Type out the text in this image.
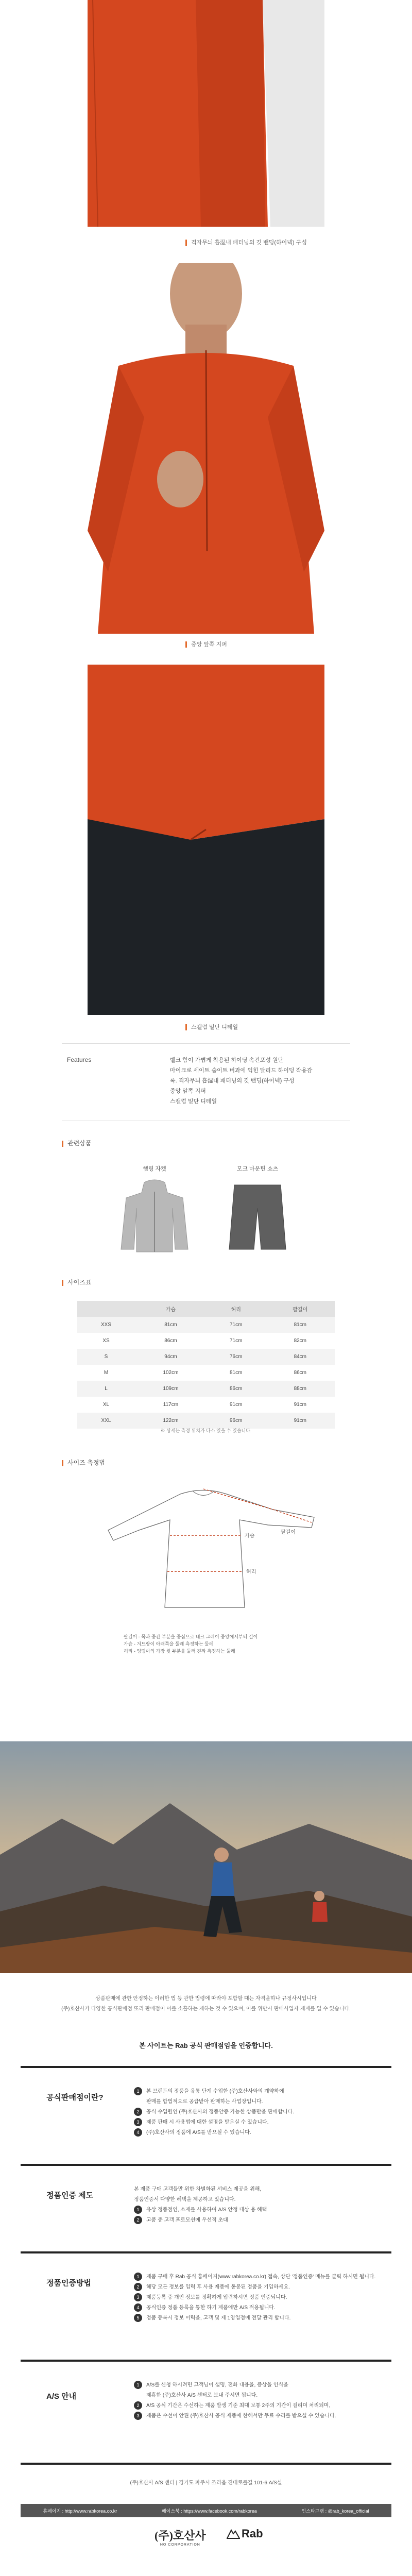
격자무늬 흡湿내 패터닝의 깃 밴딩(하이넥) 구성
중앙 앞쪽 지퍼
스캘럽 밑단 디테일
Features	벨크 함이 가볍게 착용된 하이딩 속건포성 원단
마이크로 세이트 숨이트 버과에 익힌 달리드 하이딩 작용감
록. 격자무늬 흡湿내 패터닝의 깃 밴딩(하이넥) 구성
중앙 앞쪽 지퍼
스캘럽 밑단 디테일
관련상품
햄링 자켓	모크 마운틴 쇼츠
사이즈표
	가슴	허리	팔길이
XXS	81cm	71cm	81cm
XS	86cm	71cm	82cm
S	94cm	76cm	84cm
M	102cm	81cm	86cm
L	109cm	86cm	88cm
XL	117cm	91cm	91cm
XXL	122cm	96cm	91cm
※ 상세는 측정 위치가 다소 있을 수 있습니다.
사이즈 측정법
팔길이
가슴
허리
팔길이 - 목과 중간 부분을 중심으로 네크 그레이 중앙에서부터 길이
가슴 - 겨드랑이 아래쪽을 둘레 측정하는 둘레
허리 - 엉덩이의 가장 윗 부분을 둘러 진짜 측정하는 둘레
상품판매에 관한 안정하는 이러한 법 등 관한 법령에 따라야 포함할 때는 자격을하나 규정사시입니다
(주)호산사가 다양한 공식판매점 또리 판매점이 이를 소홀하는 제하는 것 수 있으며, 이를 위반시 판매사업자 제재를 일 수 있습니다.
본 사이트는 Rab 공식 판매점임을 인증합니다.
공식판매점이란?
1 본 브랜드의 정품을 유통 단계 수입한 (주)호산사와의 계약하에
판매를 합법적으로 공급받아 판매하는 사업장입니다.
2 공식 수입원인 (주)호산사의 정품안증 가능한 상품만을 판매합니다.
3 제품 판매 시 사용법에 대한 설명을 받으실 수 있습니다.
4 (주)호산사의 정품에 A/S를 받으실 수 있습니다.
정품인증 제도
본 제품 구매 고객들만 위한 차별화된 서비스 제공을 위해,
정품인증서 다양한 혜택을 제공하고 있습니다.
1 유상 정품점인, 소재를 사용하여 A/S 안정 대상 용 혜택
2 고품 중 고객 프로모션에 우선적 초대
정품인증방법
1 제품 구매 후 Rab 공식 홈페이지(www.rabkorea.co.kr) 접속, 상단 '정품인증' 메뉴를 클릭 하시면 됩니다.
2 해당 모든 정보를 입력 후 사용 제품에 동봉된 정품을 기입하세요.
3 제품등록 중 개인 정보를 정확하게 입력하시면 정품 인증되니다.
4 공식인증 정품 등록을 통한 하기 제품에만 A/S 적용됩니다.
5 정품 등록시 정보 이력을, 고객 및 제 1영업점에 전달 관리 합니다.
A/S 안내
1 A/S를 신청 하시려면 고객님이 설명, 전화 내용을, 증상을 인식을
제휴한 (주)호산사 A/S 센터로 보내 주시면 됩니다.
2 A/S 공식 기간은 수선하는 제품 발생 기준 최대 보통 2주의 기간이 걸리며 처리되며,
3 제품은 수선이 안된 (주)호산사 공식 제품에 한해서만 무료 수리를 받으실 수 있습니다.
(주)호산사 A/S 센터 | 경기도 파주시 조리읍 진대로를길 101-6 A/S실
홈페이지 : http://www.rabkorea.co.kr	페이스북 : https://www.facebook.com/rabkorea	인스타그램 : @rab_korea_official
(주)호산사
HO CORPORATION
Rab
